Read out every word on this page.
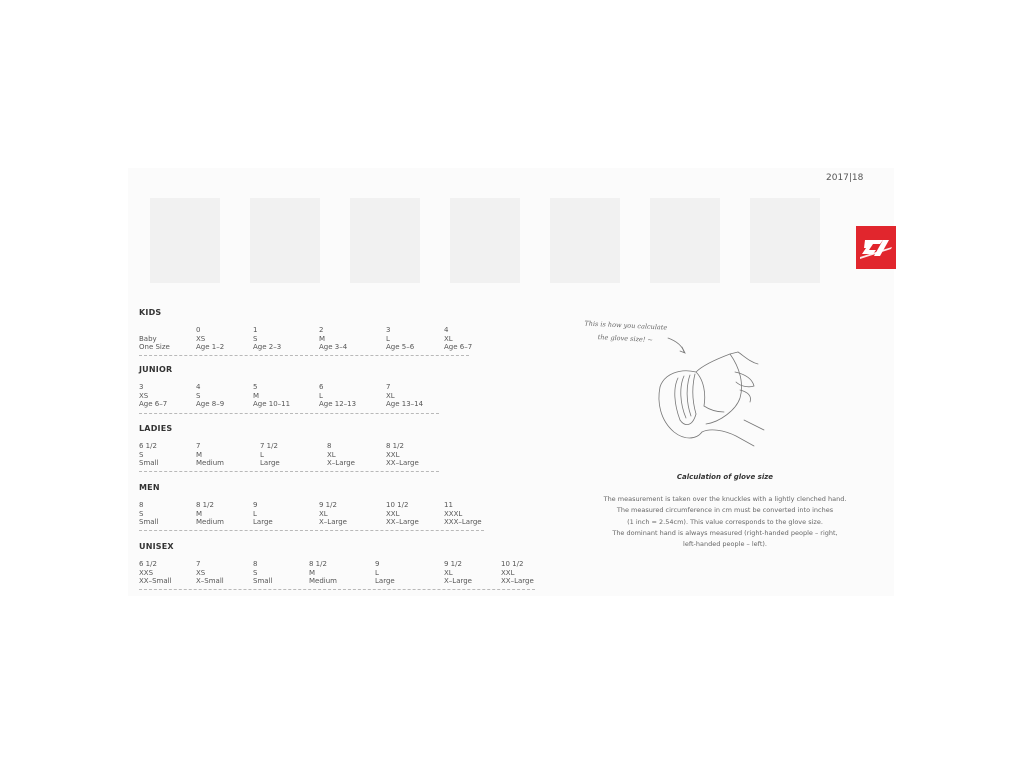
2017|18
KIDS

Baby
One Size
0
XS
Age 1–2
1
S
Age 2–3
2
M
Age 3–4
3
L
Age 5–6
4
XL
Age 6–7
JUNIOR
3
XS
Age 6–7
4
S
Age 8–9
5
M
Age 10–11
6
L
Age 12–13
7
XL
Age 13–14
LADIES
6 1/2
S
Small
7
M
Medium
7 1/2
L
Large
8
XL
X–Large
8 1/2
XXL
XX–Large
MEN
8
S
Small
8 1/2
M
Medium
9
L
Large
9 1/2
XL
X–Large
10 1/2
XXL
XX–Large
11
XXXL
XXX–Large
UNISEX
6 1/2
XXS
XX–Small
7
XS
X–Small
8
S
Small
8 1/2
M
Medium
9
L
Large
9 1/2
XL
X–Large
10 1/2
XXL
XX–Large
This is how you calculate
the glove size! ~
Calculation of glove size
The measurement is taken over the knuckles with a lightly clenched hand.
The measured circumference in cm must be converted into inches
(1 inch = 2.54cm). This value corresponds to the glove size.
The dominant hand is always measured (right-handed people – right,
left-handed people – left).
